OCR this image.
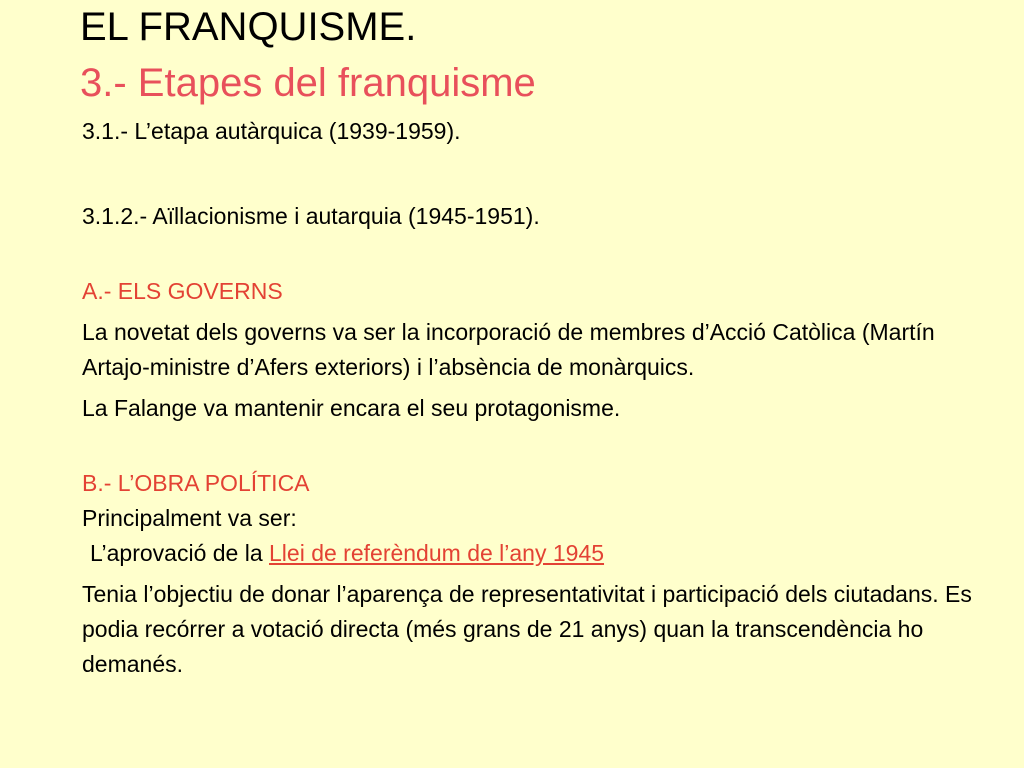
EL FRANQUISME.
3.- Etapes del franquisme

3.1.- L’etapa autàrquica (1939-1959).

3.1.2.- Aïllacionisme i autarquia (1945-1951).

A.- ELS GOVERNS

La novetat dels governs va ser la incorporació de membres d’Acció Catòlica (Martín Artajo-ministre d’Afers exteriors) i l’absència de monàrquics.

La Falange va mantenir encara el seu protagonisme.

B.- L’OBRA POLÍTICA

Principalment va ser:

L’aprovació de la Llei de referèndum de l’any 1945

Tenia l’objectiu de donar l’aparença de representativitat i participació dels ciutadans. Es podia recórrer a votació directa (més grans de 21 anys) quan la transcendència ho demanés.
